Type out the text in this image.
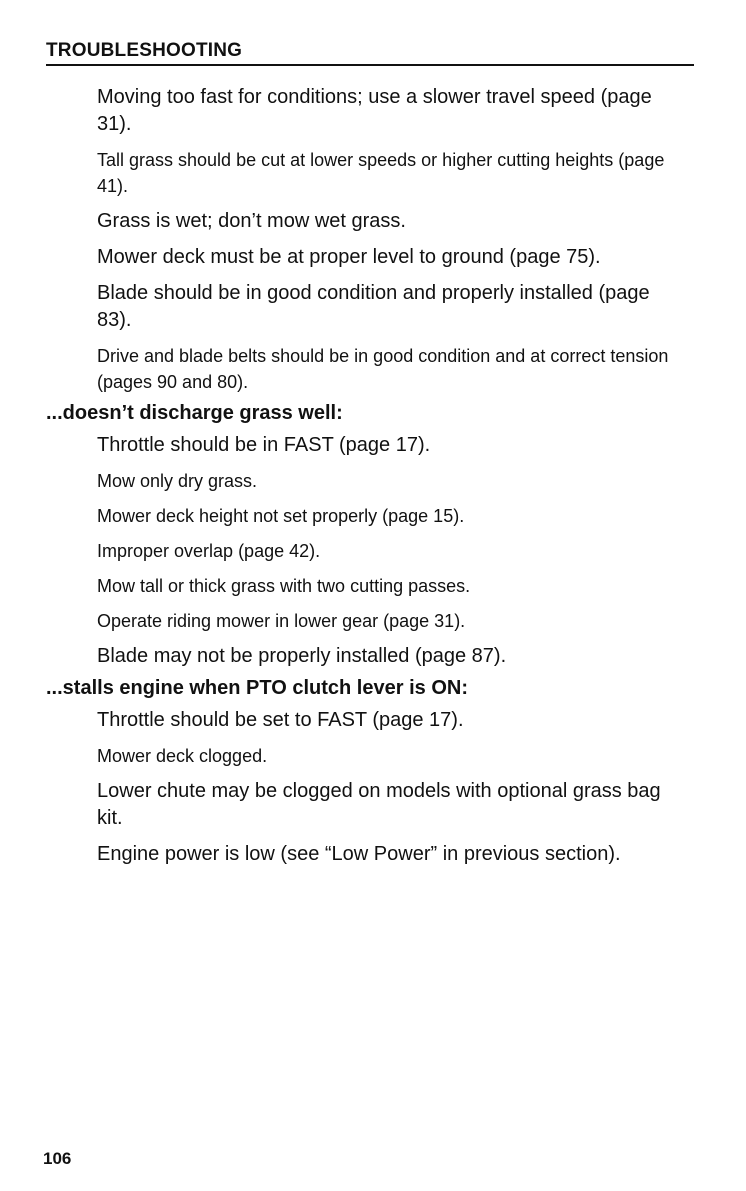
TROUBLESHOOTING
Moving too fast for conditions; use a slower travel speed (page 31).
Tall grass should be cut at lower speeds or higher cutting heights (page 41).
Grass is wet; don’t mow wet grass.
Mower deck must be at proper level to ground (page 75).
Blade should be in good condition and properly installed (page 83).
Drive and blade belts should be in good condition and at correct tension (pages 90 and 80).
...doesn’t discharge grass well:
Throttle should be in FAST (page 17).
Mow only dry grass.
Mower deck height not set properly (page 15).
Improper overlap (page 42).
Mow tall or thick grass with two cutting passes.
Operate riding mower in lower gear (page 31).
Blade may not be properly installed (page 87).
...stalls engine when PTO clutch lever is ON:
Throttle should be set to FAST (page 17).
Mower deck clogged.
Lower chute may be clogged on models with optional grass bag kit.
Engine power is low (see “Low Power” in previous section).
106
